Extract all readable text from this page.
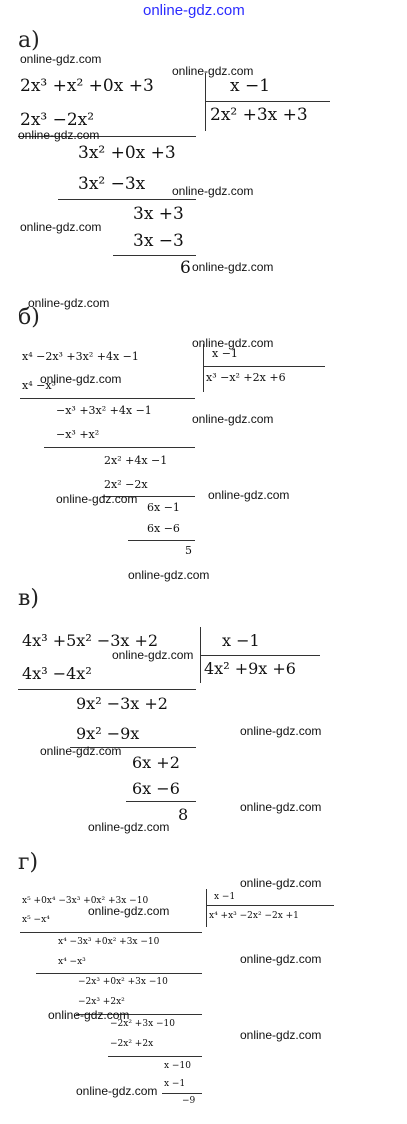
online-gdz.com
а)
2x³ +x² +0x +3	x −1
2x² +3x +3
2x³ −2x²
3x² +0x +3
3x² −3x
3x +3
3x −3
6
online-gdz.com
online-gdz.com
online-gdz.com
online-gdz.com
online-gdz.com
online-gdz.com
б)
x⁴ −2x³ +3x² +4x −1	x −1
x³ −x² +2x +6
x⁴ −x³
−x³ +3x² +4x −1
−x³ +x²
2x² +4x −1
2x² −2x
6x −1
6x −6
5
online-gdz.com
online-gdz.com
online-gdz.com
online-gdz.com
online-gdz.com	online-gdz.com
online-gdz.com
в)
4x³ +5x² −3x +2	x −1
4x² +9x +6
4x³ −4x²
9x² −3x +2
9x² −9x
6x +2
6x −6
8
online-gdz.com
online-gdz.com
online-gdz.com
online-gdz.com
online-gdz.com
г)
x⁵ +0x⁴ −3x³ +0x² +3x −10	x −1
x⁴ +x³ −2x² −2x +1
x⁵ −x⁴
x⁴ −3x³ +0x² +3x −10
x⁴ −x³
−2x³ +0x² +3x −10
−2x³ +2x²
−2x² +3x −10
−2x² +2x
x −10
x −1
−9
online-gdz.com
online-gdz.com
online-gdz.com
online-gdz.com
online-gdz.com
online-gdz.com
